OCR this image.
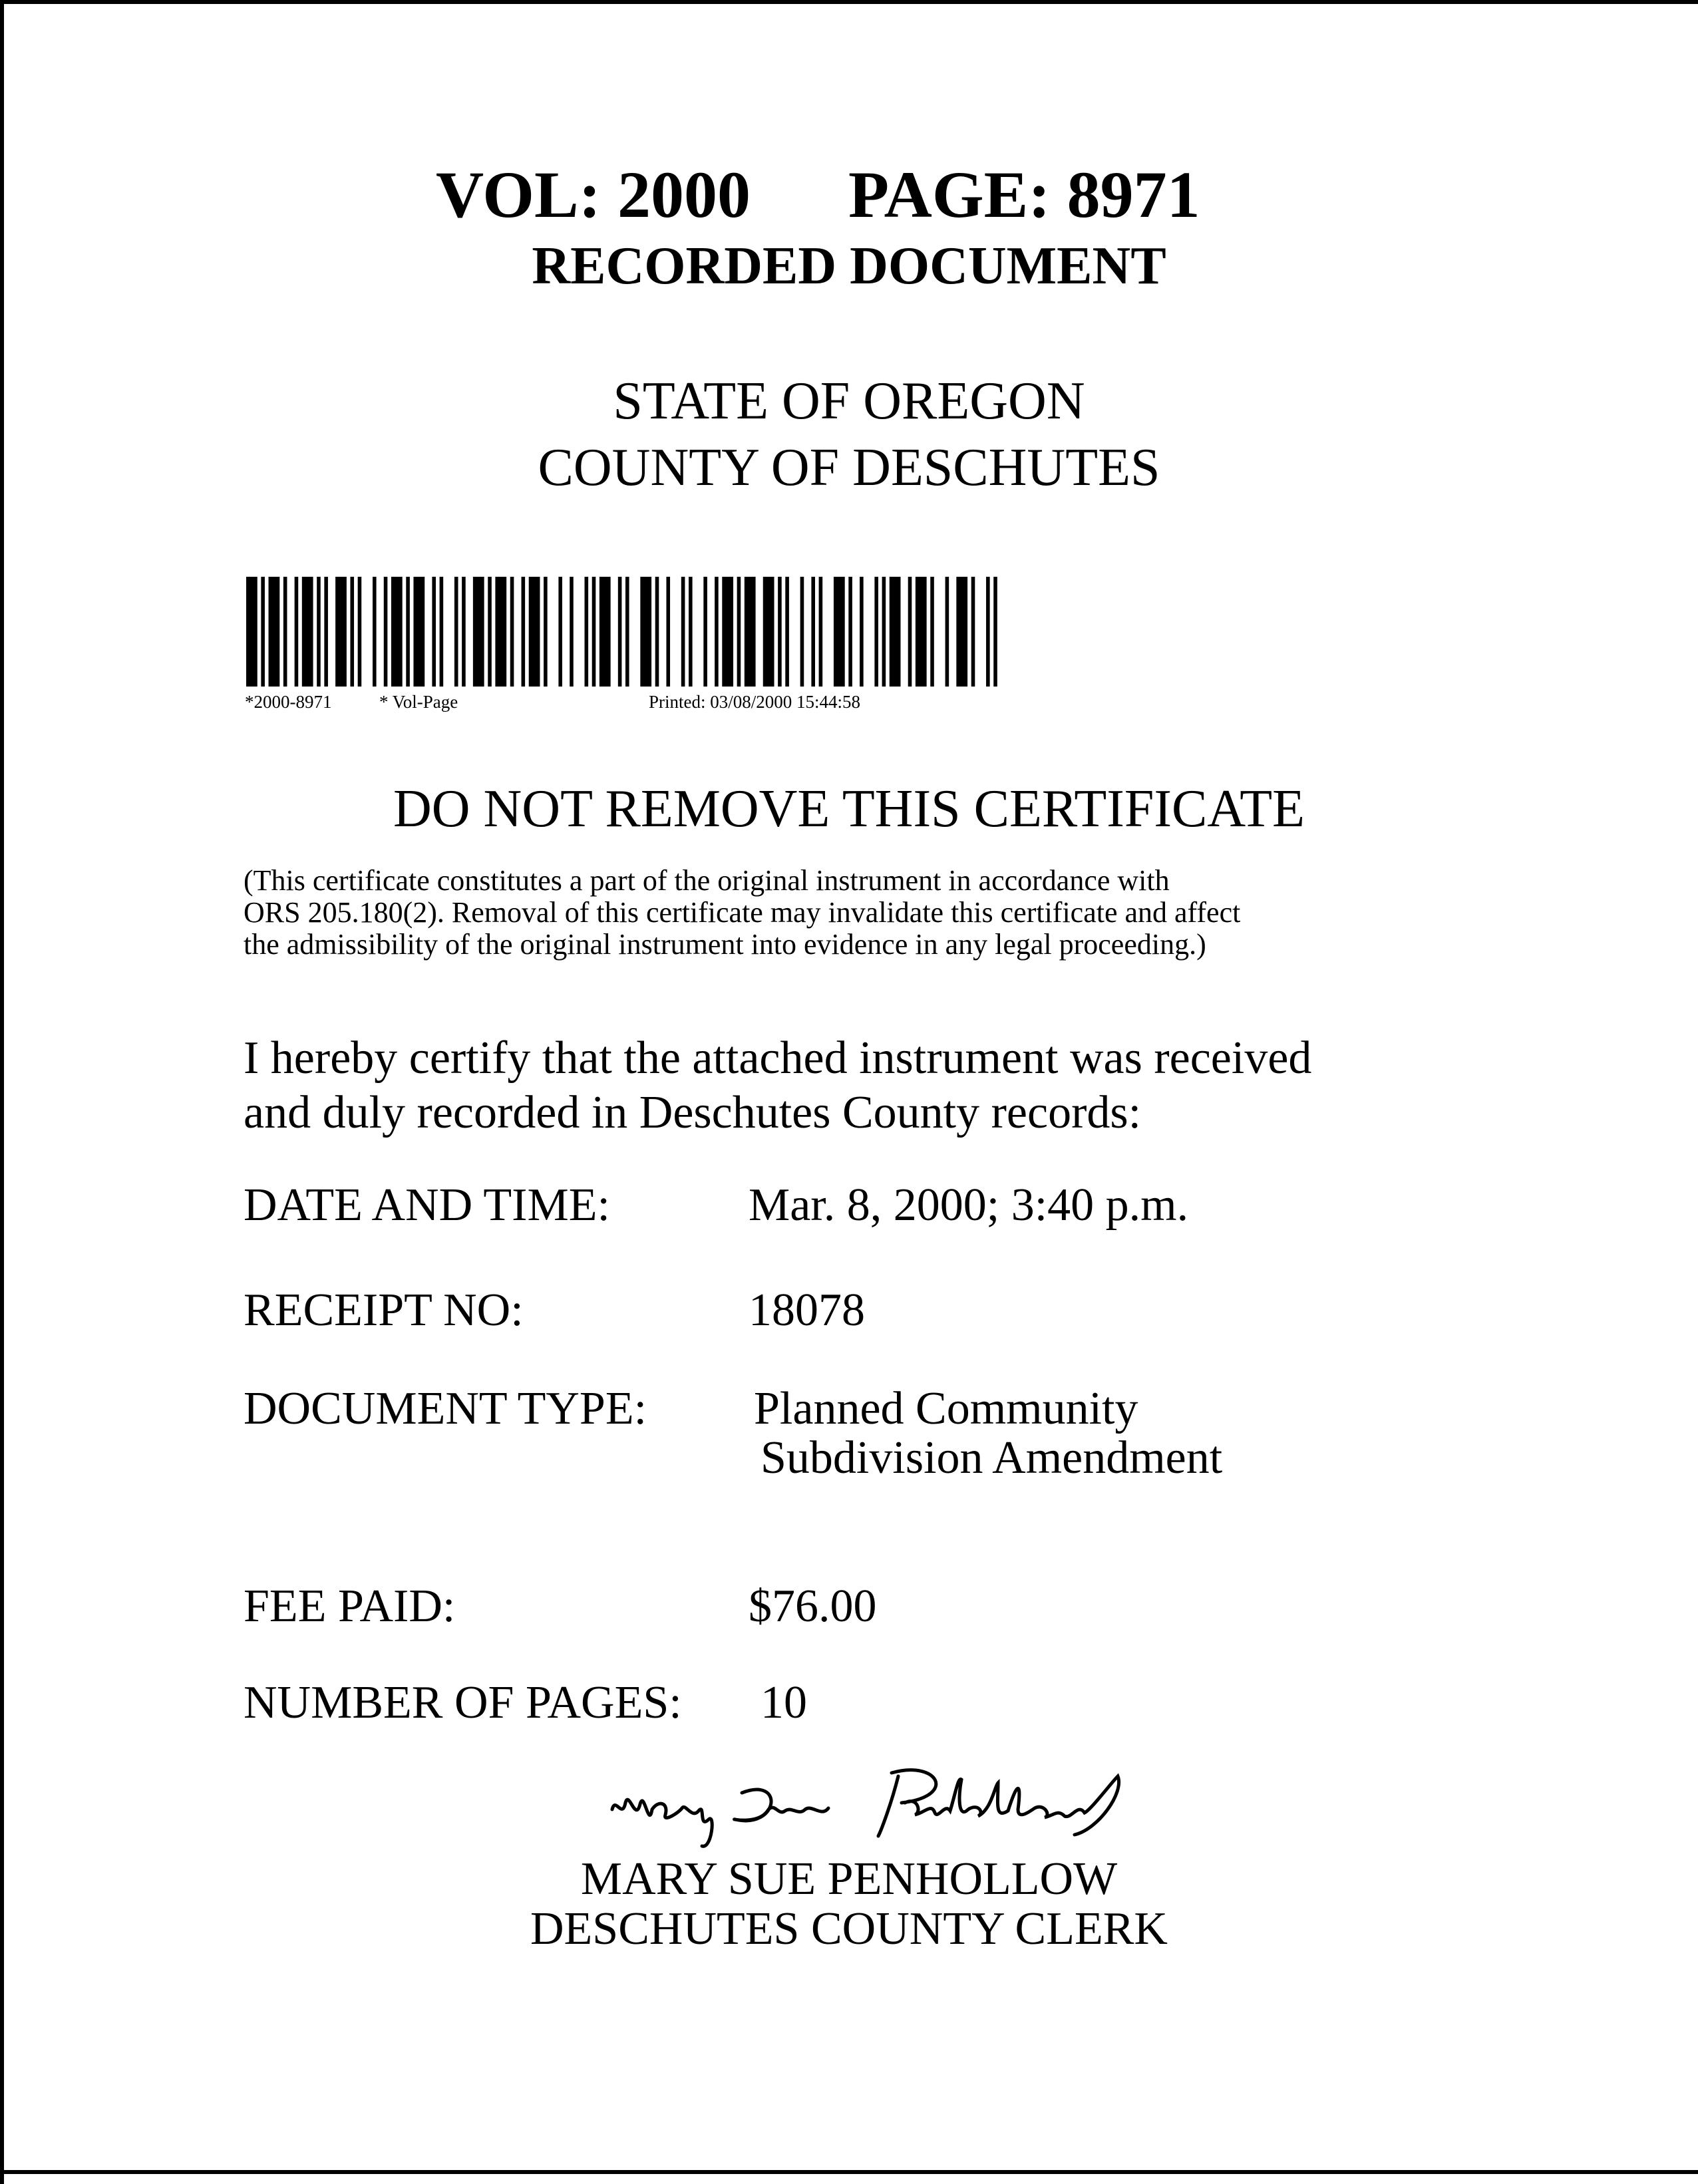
VOL: 2000 PAGE: 8971
RECORDED DOCUMENT
STATE OF OREGON
COUNTY OF DESCHUTES
*2000-8971	* Vol-Page	Printed: 03/08/2000 15:44:58
DO NOT REMOVE THIS CERTIFICATE
(This certificate constitutes a part of the original instrument in accordance with
ORS 205.180(2). Removal of this certificate may invalidate this certificate and affect
the admissibility of the original instrument into evidence in any legal proceeding.)
I hereby certify that the attached instrument was received
and duly recorded in Deschutes County records:
DATE AND TIME:	Mar. 8, 2000; 3:40 p.m.
RECEIPT NO:	18078
DOCUMENT TYPE: Planned Community
Subdivision Amendment
FEE PAID:	$76.00
NUMBER OF PAGES: 10
MARY SUE PENHOLLOW
DESCHUTES COUNTY CLERK
